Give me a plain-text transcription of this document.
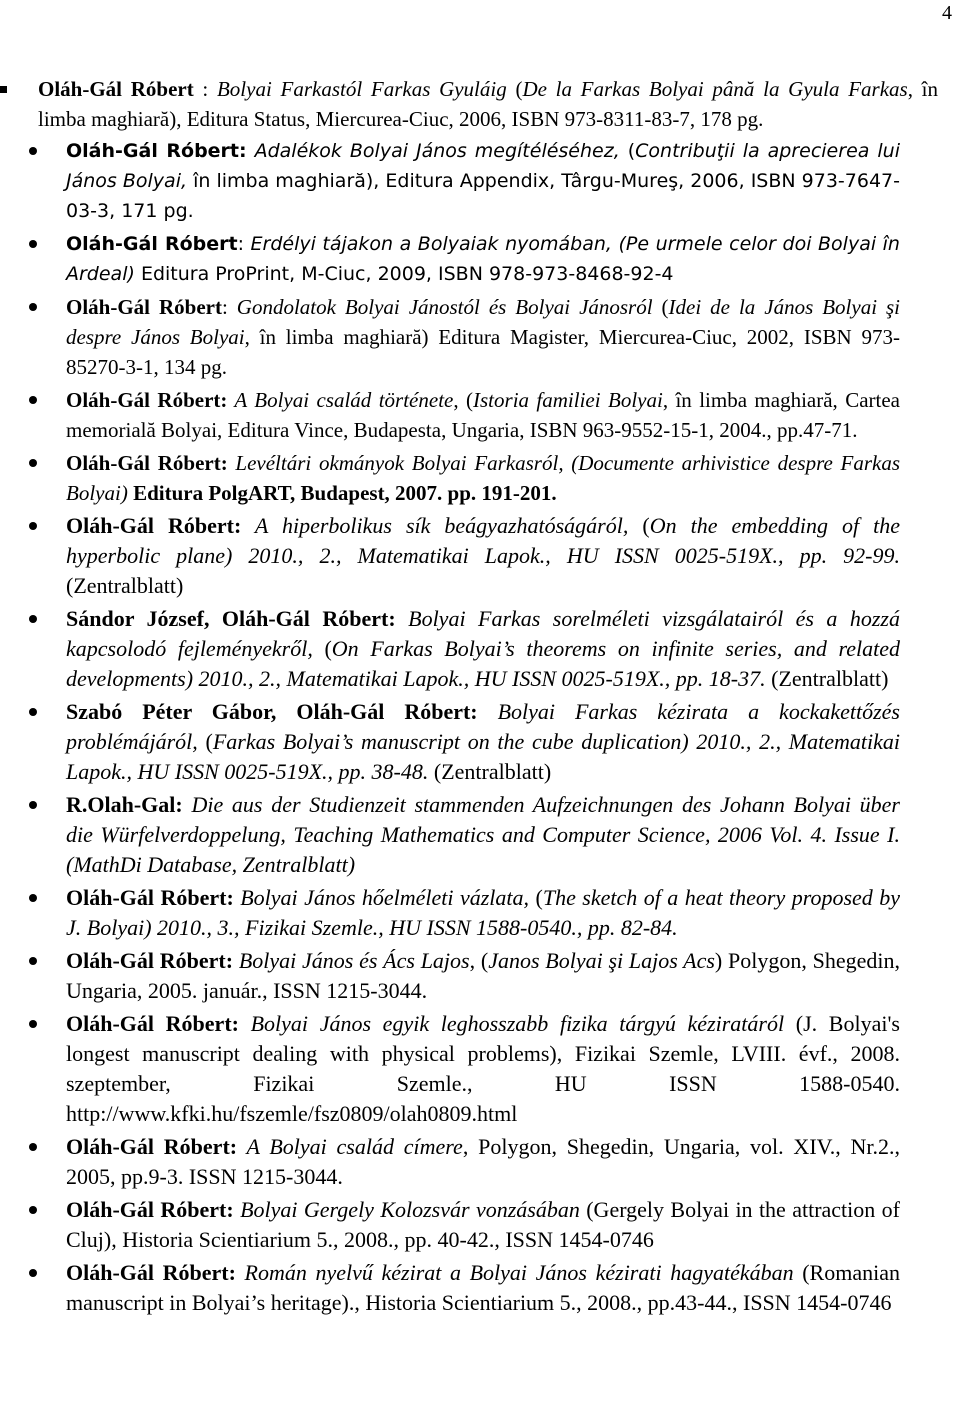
4
Oláh-Gál Róbert : Bolyai Farkastól Farkas Gyuláig (De la Farkas Bolyai până la Gyula Farkas, în limba maghiară), Editura Status, Miercurea-Ciuc, 2006, ISBN 973-8311-83-7, 178 pg.
Oláh-Gál Róbert: Adalékok Bolyai János megítéléséhez, (Contribuţii la aprecierea lui János Bolyai, în limba maghiară), Editura Appendix, Târgu-Mureş, 2006, ISBN 973-7647-03-3, 171 pg.
Oláh-Gál Róbert: Erdélyi tájakon a Bolyaiak nyomában, (Pe urmele celor doi Bolyai în Ardeal) Editura ProPrint, M-Ciuc, 2009, ISBN 978-973-8468-92-4
Oláh-Gál Róbert: Gondolatok Bolyai Jánostól és Bolyai Jánosról (Idei de la János Bolyai şi despre János Bolyai, în limba maghiară) Editura Magister, Miercurea-Ciuc, 2002, ISBN 973-85270-3-1, 134 pg.
Oláh-Gál Róbert: A Bolyai család története, (Istoria familiei Bolyai, în limba maghiară, Cartea memorială Bolyai, Editura Vince, Budapesta, Ungaria, ISBN 963-9552-15-1, 2004., pp.47-71.
Oláh-Gál Róbert: Levéltári okmányok Bolyai Farkasról, (Documente arhivistice despre Farkas Bolyai) Editura PolgART, Budapest, 2007. pp. 191-201.
Oláh-Gál Róbert: A hiperbolikus sík beágyazhatóságáról, (On the embedding of the hyperbolic plane) 2010., 2., Matematikai Lapok., HU ISSN 0025-519X., pp. 92-99. (Zentralblatt)
Sándor József, Oláh-Gál Róbert: Bolyai Farkas sorelméleti vizsgálatairól és a hozzá kapcsolodó fejleményekről, (On Farkas Bolyai’s theorems on infinite series, and related developments) 2010., 2., Matematikai Lapok., HU ISSN 0025-519X., pp. 18-37. (Zentralblatt)
Szabó Péter Gábor, Oláh-Gál Róbert: Bolyai Farkas kézirata a kockakettőzés problémájáról, (Farkas Bolyai’s manuscript on the cube duplication) 2010., 2., Matematikai Lapok., HU ISSN 0025-519X., pp. 38-48. (Zentralblatt)
R.Olah-Gal: Die aus der Studienzeit stammenden Aufzeichnungen des Johann Bolyai über die Würfelverdoppelung, Teaching Mathematics and Computer Science, 2006 Vol. 4. Issue I. (MathDi Database, Zentralblatt)
Oláh-Gál Róbert: Bolyai János hőelméleti vázlata, (The sketch of a heat theory proposed by J. Bolyai) 2010., 3., Fizikai Szemle., HU ISSN 1588-0540., pp. 82-84.
Oláh-Gál Róbert: Bolyai János és Ács Lajos, (Janos Bolyai şi Lajos Acs) Polygon, Shegedin, Ungaria, 2005. január., ISSN 1215-3044.
Oláh-Gál Róbert: Bolyai János egyik leghosszabb fizika tárgyú kéziratáról (J. Bolyai's longest manuscript dealing with physical problems), Fizikai Szemle, LVIII. évf., 2008. szeptember, Fizikai Szemle., HU ISSN 1588-0540. http://www.kfki.hu/fszemle/fsz0809/olah0809.html
Oláh-Gál Róbert: A Bolyai család címere, Polygon, Shegedin, Ungaria, vol. XIV., Nr.2., 2005, pp.9-3. ISSN 1215-3044.
Oláh-Gál Róbert: Bolyai Gergely Kolozsvár vonzásában (Gergely Bolyai in the attraction of Cluj), Historia Scientiarium 5., 2008., pp. 40-42., ISSN 1454-0746
Oláh-Gál Róbert: Román nyelvű kézirat a Bolyai János kézirati hagyatékában (Romanian manuscript in Bolyai’s heritage)., Historia Scientiarium 5., 2008., pp.43-44., ISSN 1454-0746
